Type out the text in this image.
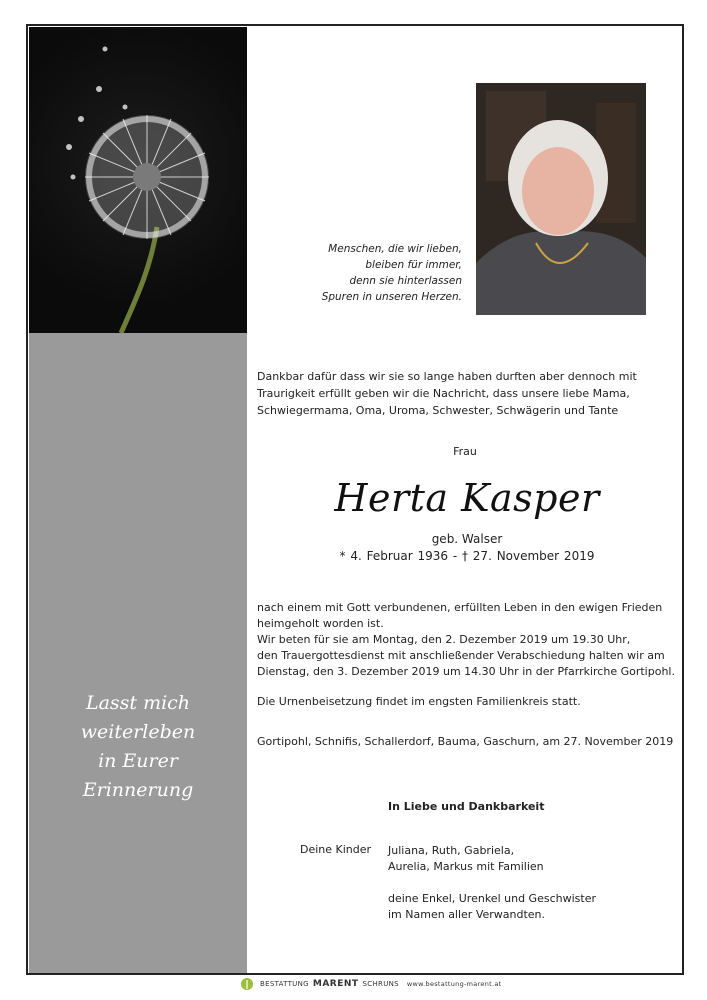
Lasst mich
weiterleben
in Eurer
Erinnerung
Menschen, die wir lieben,
bleiben für immer,
denn sie hinterlassen
Spuren in unseren Herzen.
Dankbar dafür dass wir sie so lange haben durften aber dennoch mit
Traurigkeit erfüllt geben wir die Nachricht, dass unsere liebe Mama,
Schwiegermama, Oma, Uroma, Schwester, Schwägerin und Tante
Frau
Herta Kasper
geb. Walser
* 4. Februar 1936 - † 27. November 2019

nach einem mit Gott verbundenen, erfüllten Leben in den ewigen Frieden

heimgeholt worden ist.

Wir beten für sie am Montag, den 2. Dezember 2019 um 19.30 Uhr,

den Trauergottesdienst mit anschließender Verabschiedung halten wir am

Dienstag, den 3. Dezember 2019 um 14.30 Uhr in der Pfarrkirche Gortipohl.

Die Urnenbeisetzung findet im engsten Familienkreis statt.
Gortipohl, Schnifis, Schallerdorf, Bauma, Gaschurn, am 27. November 2019
In Liebe und Dankbarkeit
Deine Kinder Juliana, Ruth, Gabriela,
Aurelia, Markus mit Familien
deine Enkel, Urenkel und Geschwister
im Namen aller Verwandten.
BESTATTUNG MARENT SCHRUNS www.bestattung-marent.at
